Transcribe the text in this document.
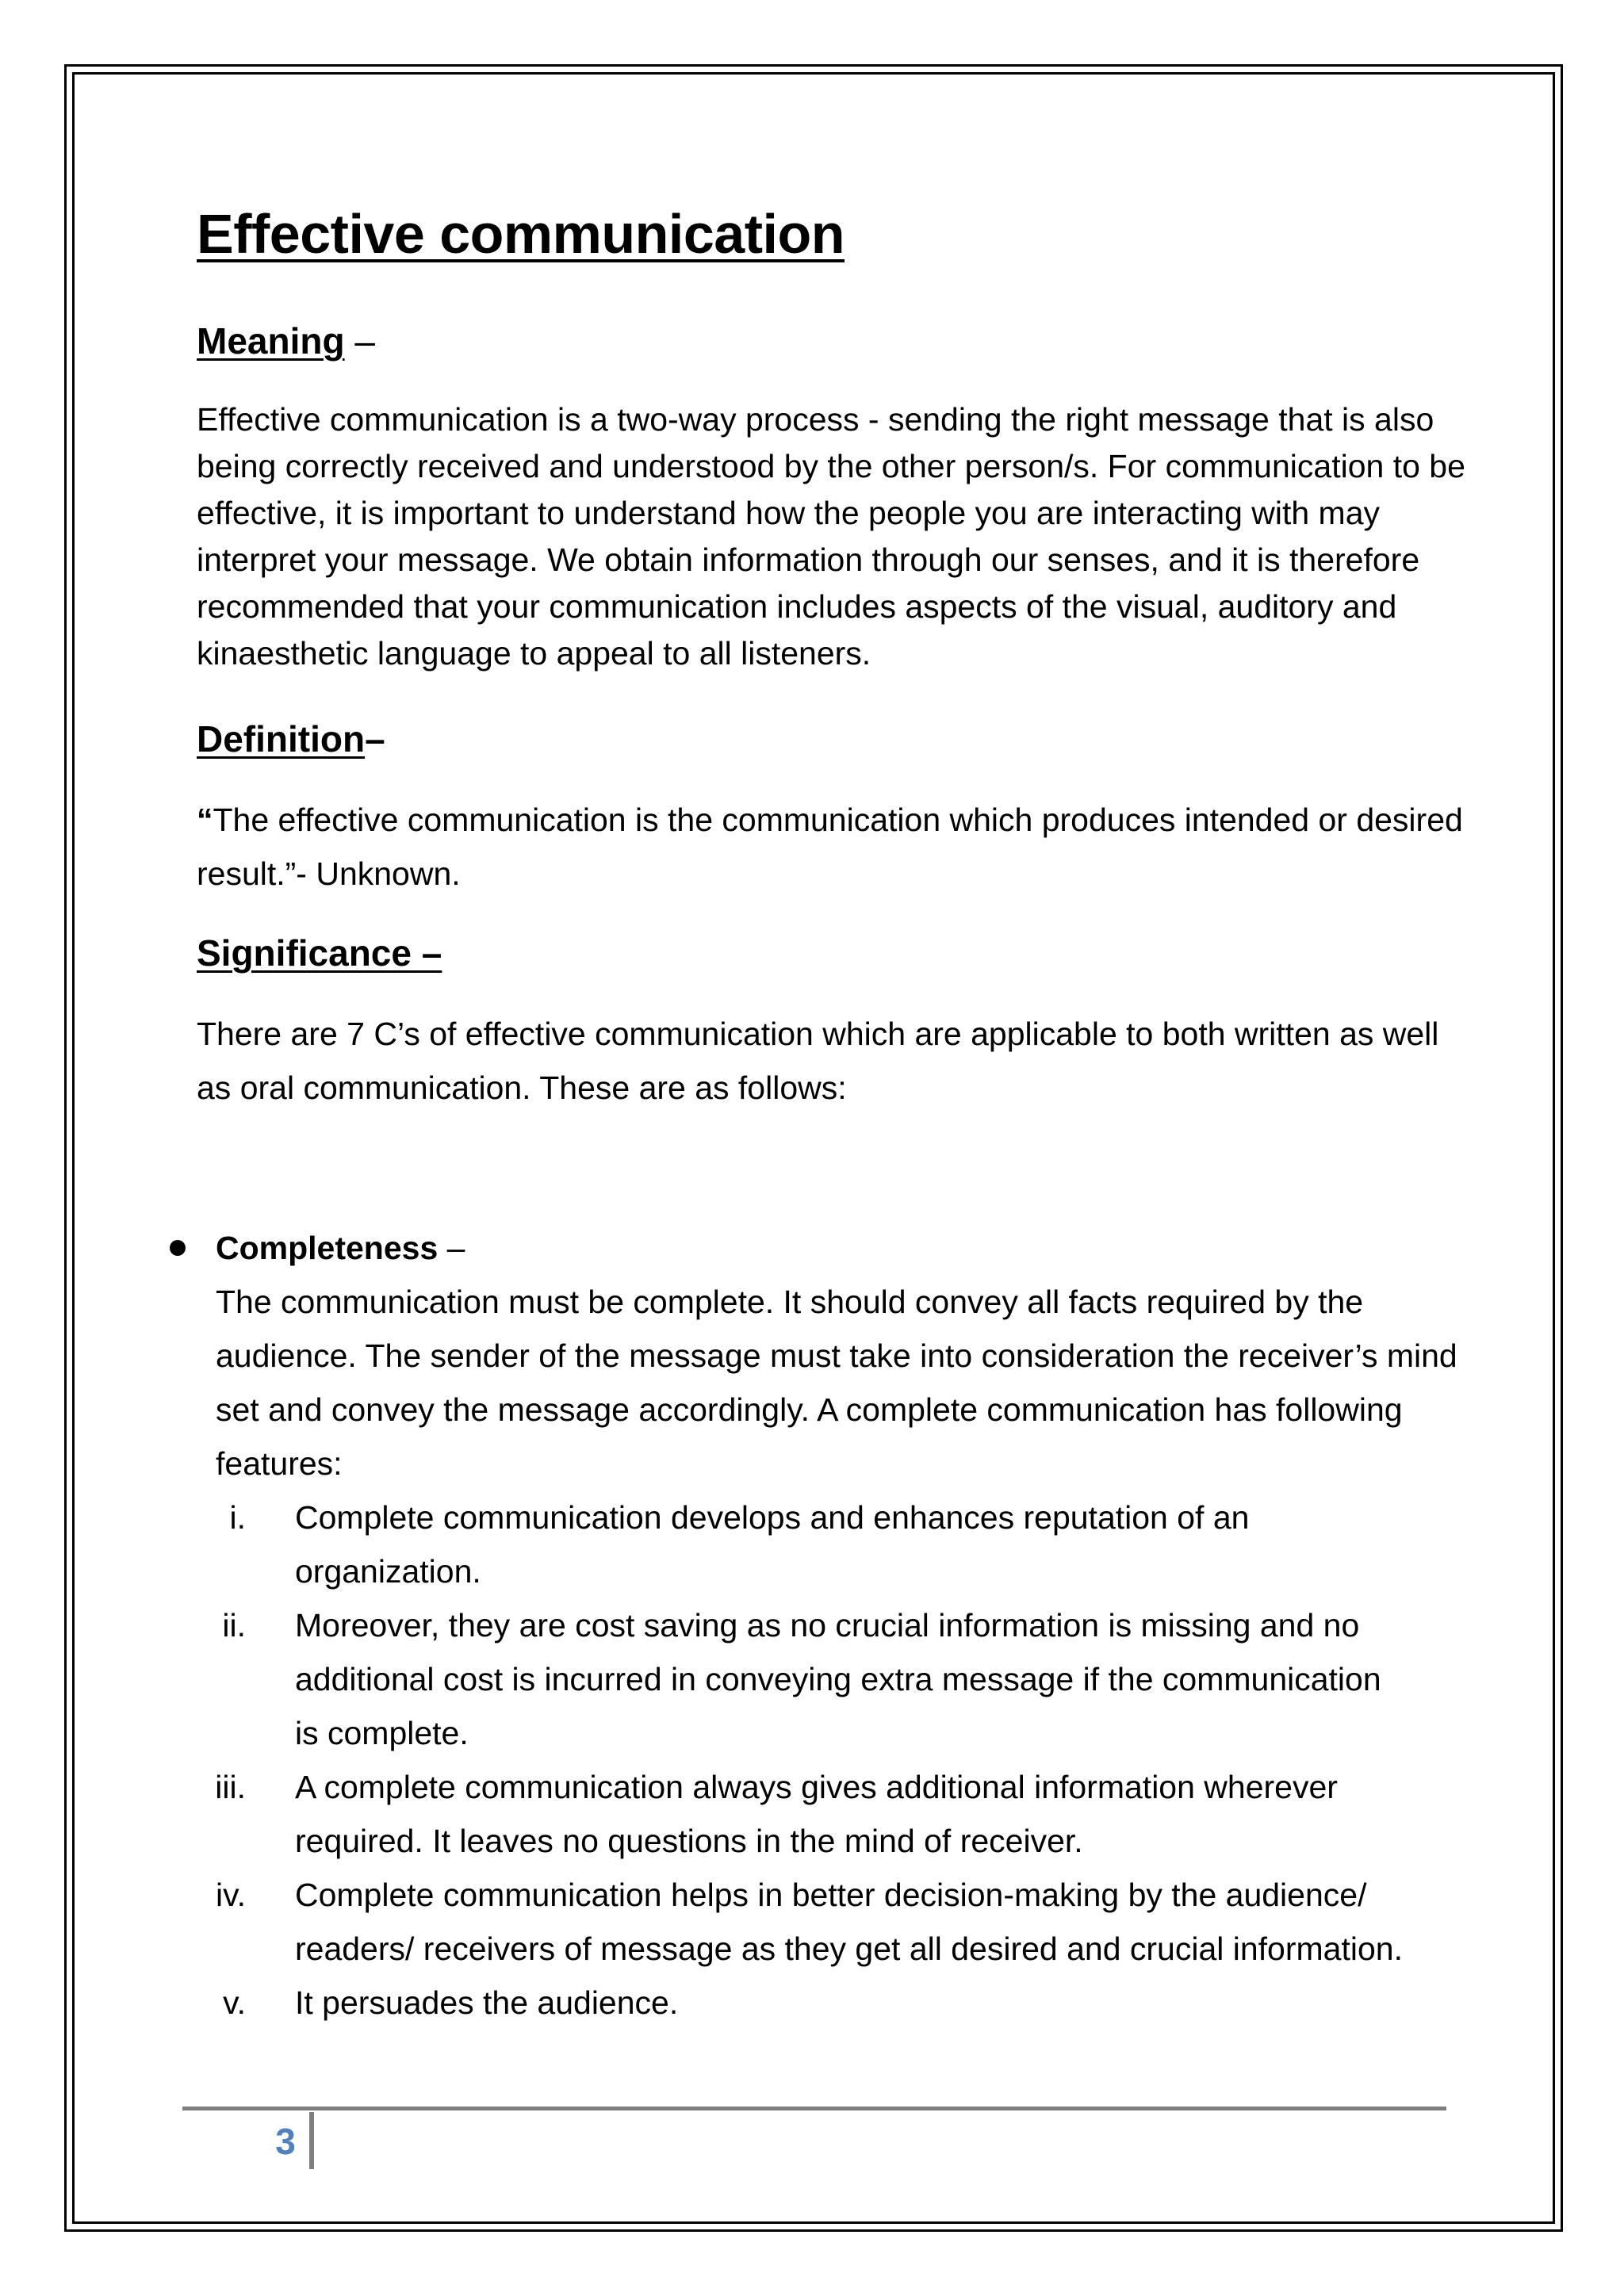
Effective communication
Meaning –

Effective communication is a two-way process - sending the right message that is also being correctly received and understood by the other person/s. For communication to be effective, it is important to understand how the people you are interacting with may interpret your message. We obtain information through our senses, and it is therefore recommended that your communication includes aspects of the visual, auditory and kinaesthetic language to appeal to all listeners.

Definition–

“The effective communication is the communication which produces intended or desired result.”- Unknown.

Significance –

There are 7 C’s of effective communication which are applicable to both written as well as oral communication. These are as follows:

Completeness –
The communication must be complete. It should convey all facts required by the audience. The sender of the message must take into consideration the receiver’s mind set and convey the message accordingly. A complete communication has following features:
i. Complete communication develops and enhances reputation of an organization.
ii. Moreover, they are cost saving as no crucial information is missing and no additional cost is incurred in conveying extra message if the communication is complete.
iii. A complete communication always gives additional information wherever required. It leaves no questions in the mind of receiver.
iv. Complete communication helps in better decision-making by the audience/ readers/ receivers of message as they get all desired and crucial information.
v. It persuades the audience.
3
